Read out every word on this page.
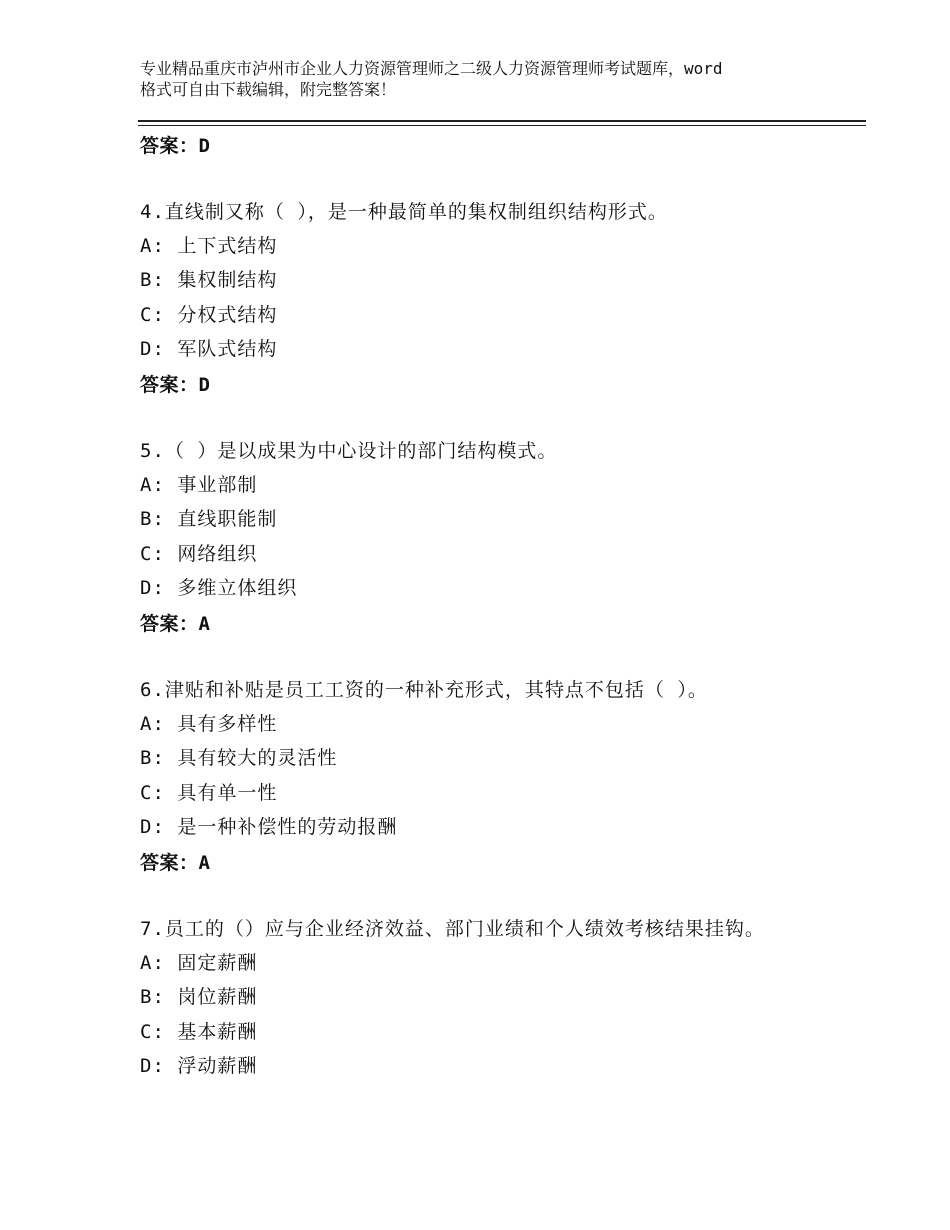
专业精品重庆市泸州市企业人力资源管理师之二级人力资源管理师考试题库，word
格式可自由下载编辑，附完整答案！
答案：D

4.直线制又称（ ），是一种最简单的集权制组织结构形式。

A: 上下式结构
B: 集权制结构
C: 分权式结构
D: 军队式结构
答案：D

5.（ ）是以成果为中心设计的部门结构模式。

A: 事业部制
B: 直线职能制
C: 网络组织
D: 多维立体组织
答案：A

6.津贴和补贴是员工工资的一种补充形式，其特点不包括（ ）。

A: 具有多样性
B: 具有较大的灵活性
C: 具有单一性
D: 是一种补偿性的劳动报酬
答案：A

7.员工的（）应与企业经济效益、部门业绩和个人绩效考核结果挂钩。

A: 固定薪酬
B: 岗位薪酬
C: 基本薪酬
D: 浮动薪酬
